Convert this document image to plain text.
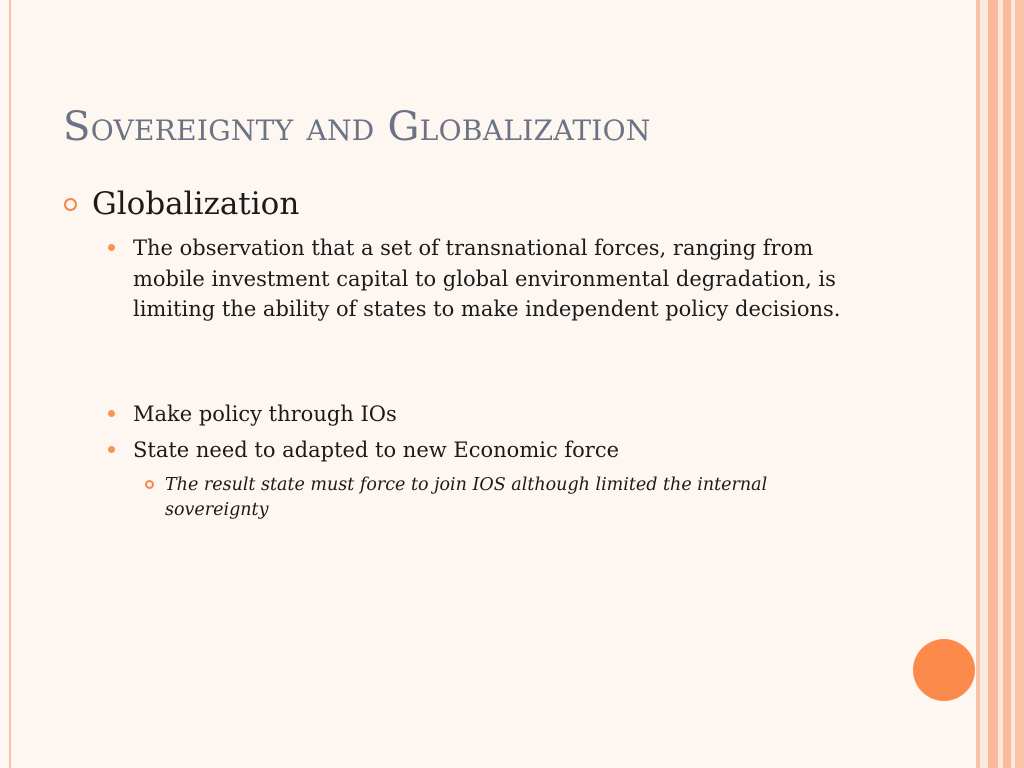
Sovereignty and Globalization
Globalization
The observation that a set of transnational forces, ranging from mobile investment capital to global environmental degradation, is limiting the ability of states to make independent policy decisions.
Make policy through IOs
State need to adapted to new Economic force
The result state must force to join IOS although limited the internal sovereignty
